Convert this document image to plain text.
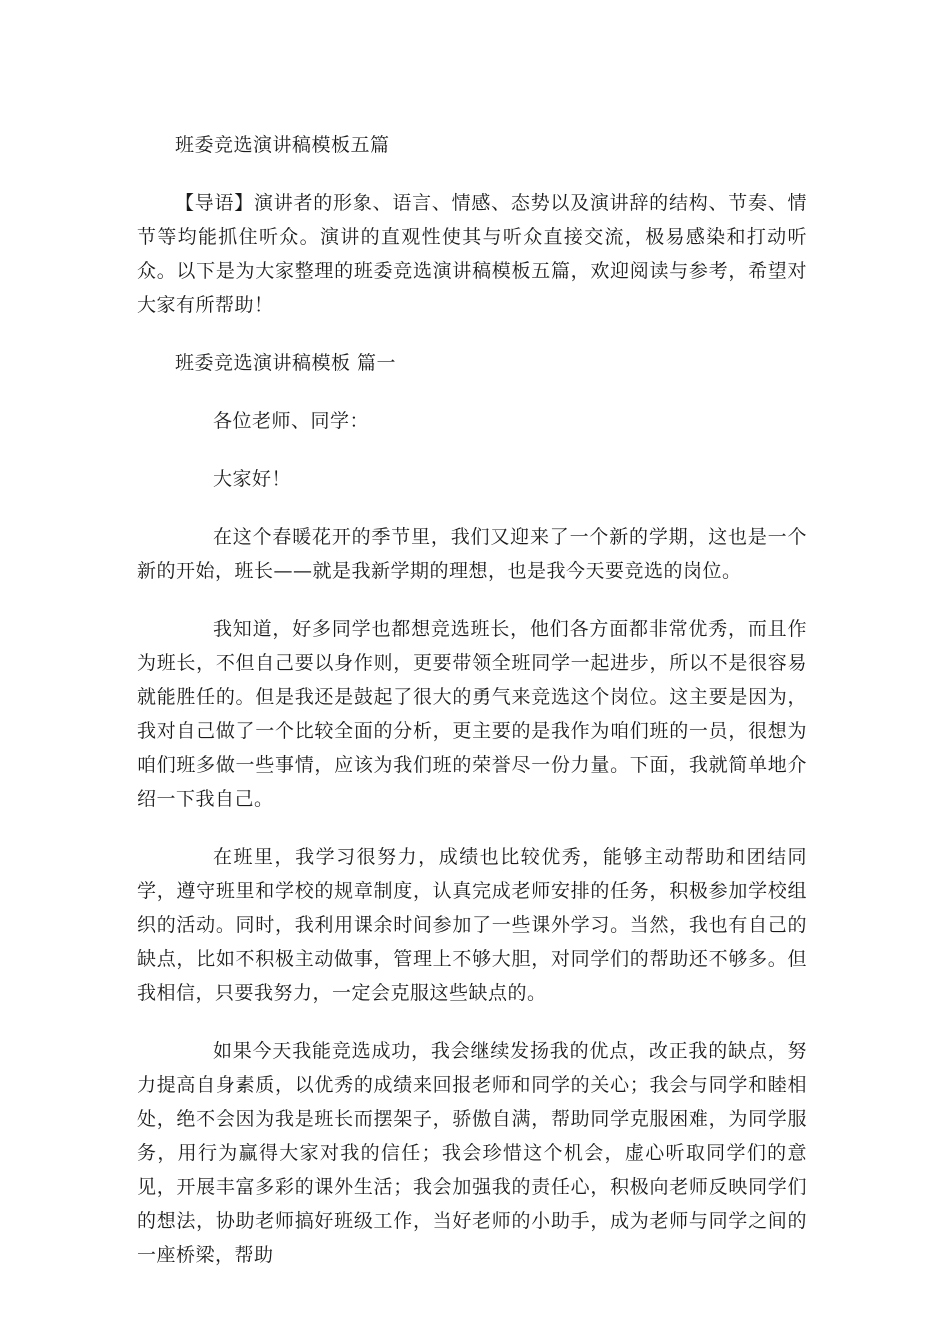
班委竞选演讲稿模板五篇

【导语】演讲者的形象、语言、情感、态势以及演讲辞的结构、节奏、情节等均能抓住听众。演讲的直观性使其与听众直接交流，极易感染和打动听众。以下是为大家整理的班委竞选演讲稿模板五篇，欢迎阅读与参考，希望对大家有所帮助！

班委竞选演讲稿模板 篇一

各位老师、同学：

大家好！

在这个春暖花开的季节里，我们又迎来了一个新的学期，这也是一个新的开始，班长——就是我新学期的理想，也是我今天要竞选的岗位。

我知道，好多同学也都想竞选班长，他们各方面都非常优秀，而且作为班长，不但自己要以身作则，更要带领全班同学一起进步，所以不是很容易就能胜任的。但是我还是鼓起了很大的勇气来竞选这个岗位。这主要是因为，我对自己做了一个比较全面的分析，更主要的是我作为咱们班的一员，很想为咱们班多做一些事情，应该为我们班的荣誉尽一份力量。下面，我就简单地介绍一下我自己。

在班里，我学习很努力，成绩也比较优秀，能够主动帮助和团结同学，遵守班里和学校的规章制度，认真完成老师安排的任务，积极参加学校组织的活动。同时，我利用课余时间参加了一些课外学习。当然，我也有自己的缺点，比如不积极主动做事，管理上不够大胆，对同学们的帮助还不够多。但我相信，只要我努力，一定会克服这些缺点的。

如果今天我能竞选成功，我会继续发扬我的优点，改正我的缺点，努力提高自身素质，以优秀的成绩来回报老师和同学的关心；我会与同学和睦相处，绝不会因为我是班长而摆架子，骄傲自满，帮助同学克服困难，为同学服务，用行为赢得大家对我的信任；我会珍惜这个机会，虚心听取同学们的意见，开展丰富多彩的课外生活；我会加强我的责任心，积极向老师反映同学们的想法，协助老师搞好班级工作，当好老师的小助手，成为老师与同学之间的一座桥梁，帮助
